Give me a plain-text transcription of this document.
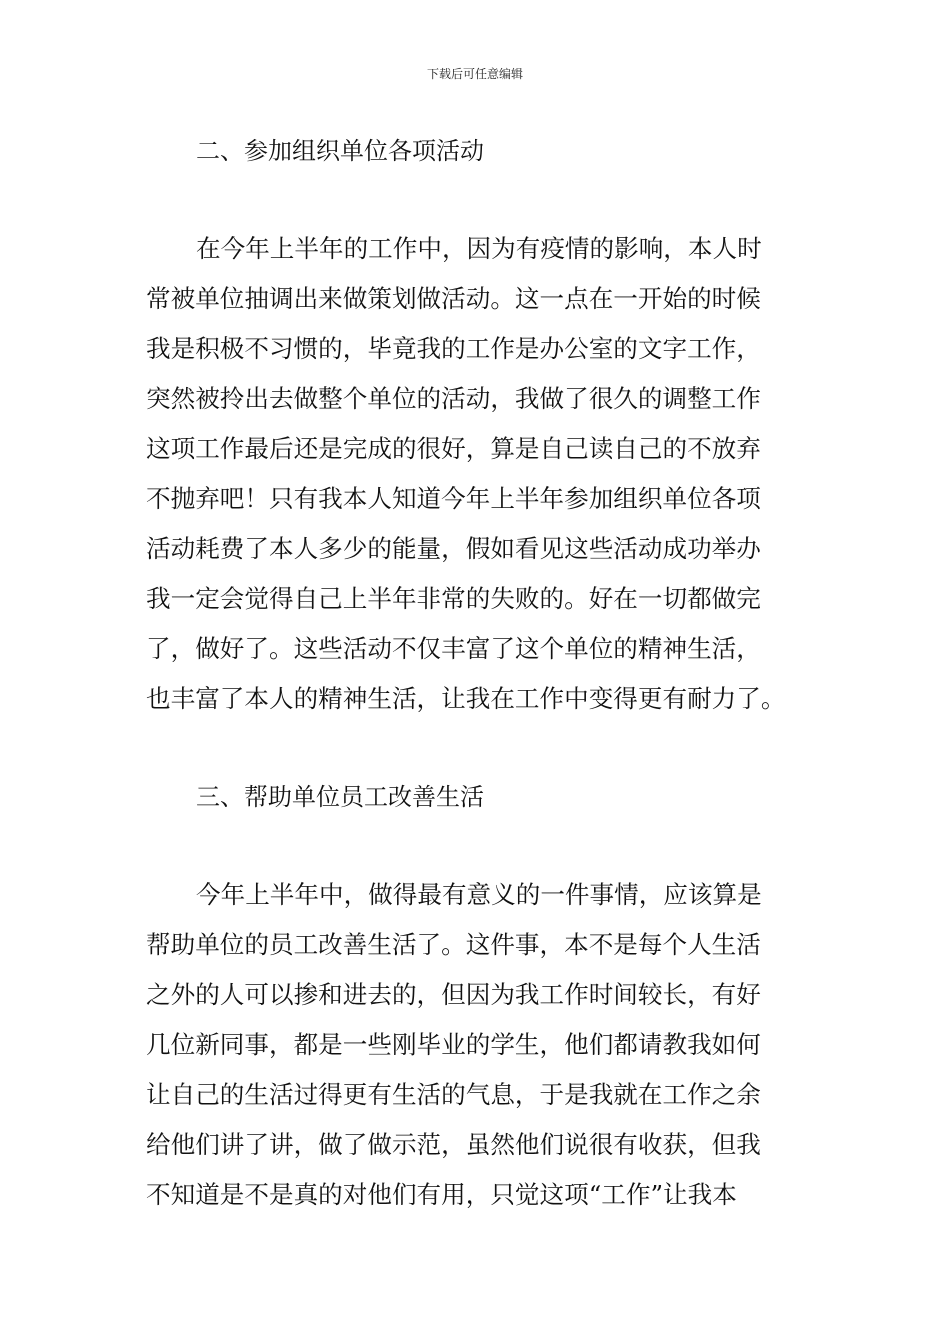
下载后可任意编辑
二、参加组织单位各项活动
在今年上半年的工作中，因为有疫情的影响，本人时
常被单位抽调出来做策划做活动。这一点在一开始的时候
我是积极不习惯的，毕竟我的工作是办公室的文字工作，
突然被拎出去做整个单位的活动，我做了很久的调整工作
这项工作最后还是完成的很好，算是自己读自己的不放弃
不抛弃吧！只有我本人知道今年上半年参加组织单位各项
活动耗费了本人多少的能量，假如看见这些活动成功举办
我一定会觉得自己上半年非常的失败的。好在一切都做完
了，做好了。这些活动不仅丰富了这个单位的精神生活，
也丰富了本人的精神生活，让我在工作中变得更有耐力了。
三、帮助单位员工改善生活
今年上半年中，做得最有意义的一件事情，应该算是
帮助单位的员工改善生活了。这件事，本不是每个人生活
之外的人可以掺和进去的，但因为我工作时间较长，有好
几位新同事，都是一些刚毕业的学生，他们都请教我如何
让自己的生活过得更有生活的气息，于是我就在工作之余
给他们讲了讲，做了做示范，虽然他们说很有收获，但我
不知道是不是真的对他们有用，只觉这项“工作”让我本
